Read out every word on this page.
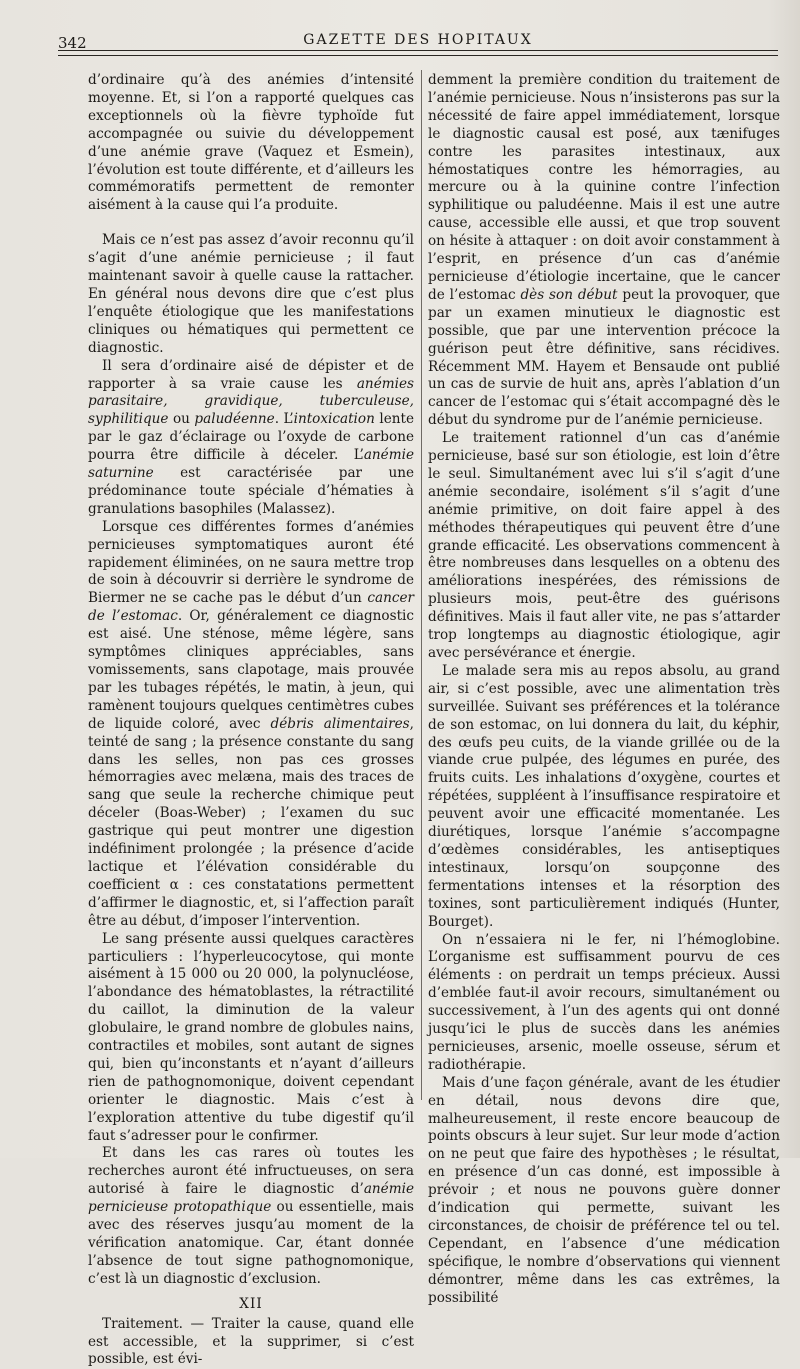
342	GAZETTE DES HOPITAUX

d’ordinaire qu’à des anémies d’intensité moyenne. Et, si l’on a rapporté quelques cas exceptionnels où la fièvre typhoïde fut accompagnée ou suivie du développement d’une anémie grave (Vaquez et Esmein), l’évolution est toute différente, et d’ailleurs les commémoratifs permettent de remonter aisément à la cause qui l’a produite.

Mais ce n’est pas assez d’avoir reconnu qu’il s’agit d’une anémie pernicieuse ; il faut maintenant savoir à quelle cause la rattacher. En général nous devons dire que c’est plus l’enquête étiologique que les manifestations cliniques ou hématiques qui permettent ce diagnostic.

Il sera d’ordinaire aisé de dépister et de rapporter à sa vraie cause les anémies parasitaire, gravidique, tuberculeuse, syphilitique ou paludéenne. L’intoxication lente par le gaz d’éclairage ou l’oxyde de carbone pourra être difficile à déceler. L’anémie saturnine est caractérisée par une prédominance toute spéciale d’hématies à granulations basophiles (Malassez).

Lorsque ces différentes formes d’anémies pernicieuses symptomatiques auront été rapidement éliminées, on ne saura mettre trop de soin à découvrir si derrière le syndrome de Biermer ne se cache pas le début d’un cancer de l’estomac. Or, généralement ce diagnostic est aisé. Une sténose, même légère, sans symptômes cliniques appréciables, sans vomissements, sans clapotage, mais prouvée par les tubages répétés, le matin, à jeun, qui ramènent toujours quelques centimètres cubes de liquide coloré, avec débris alimentaires, teinté de sang ; la présence constante du sang dans les selles, non pas ces grosses hémorragies avec melæna, mais des traces de sang que seule la recherche chimique peut déceler (Boas-Weber) ; l’examen du suc gastrique qui peut montrer une digestion indéfiniment prolongée ; la présence d’acide lactique et l’élévation considérable du coefficient α : ces constatations permettent d’affirmer le diagnostic, et, si l’affection paraît être au début, d’imposer l’intervention.

Le sang présente aussi quelques caractères particuliers : l’hyperleucocytose, qui monte aisément à 15 000 ou 20 000, la polynucléose, l’abondance des hématoblastes, la rétractilité du caillot, la diminution de la valeur globulaire, le grand nombre de globules nains, contractiles et mobiles, sont autant de signes qui, bien qu’inconstants et n’ayant d’ailleurs rien de pathognomonique, doivent cependant orienter le diagnostic. Mais c’est à l’exploration attentive du tube digestif qu’il faut s’adresser pour le confirmer.

Et dans les cas rares où toutes les recherches auront été infructueuses, on sera autorisé à faire le diagnostic d’anémie pernicieuse protopathique ou essentielle, mais avec des réserves jusqu’au moment de la vérification anatomique. Car, étant donnée l’absence de tout signe pathognomonique, c’est là un diagnostic d’exclusion.

XII

Traitement. — Traiter la cause, quand elle est accessible, et la supprimer, si c’est possible, est évi-

demment la première condition du traitement de l’anémie pernicieuse. Nous n’insisterons pas sur la nécessité de faire appel immédiatement, lorsque le diagnostic causal est posé, aux tænifuges contre les parasites intestinaux, aux hémostatiques contre les hémorragies, au mercure ou à la quinine contre l’infection syphilitique ou paludéenne. Mais il est une autre cause, accessible elle aussi, et que trop souvent on hésite à attaquer : on doit avoir constamment à l’esprit, en présence d’un cas d’anémie pernicieuse d’étiologie incertaine, que le cancer de l’estomac dès son début peut la provoquer, que par un examen minutieux le diagnostic est possible, que par une intervention précoce la guérison peut être définitive, sans récidives. Récemment MM. Hayem et Bensaude ont publié un cas de survie de huit ans, après l’ablation d’un cancer de l’estomac qui s’était accompagné dès le début du syndrome pur de l’anémie pernicieuse.

Le traitement rationnel d’un cas d’anémie pernicieuse, basé sur son étiologie, est loin d’être le seul. Simultanément avec lui s’il s’agit d’une anémie secondaire, isolément s’il s’agit d’une anémie primitive, on doit faire appel à des méthodes thérapeutiques qui peuvent être d’une grande efficacité. Les observations commencent à être nombreuses dans lesquelles on a obtenu des améliorations inespérées, des rémissions de plusieurs mois, peut-être des guérisons définitives. Mais il faut aller vite, ne pas s’attarder trop longtemps au diagnostic étiologique, agir avec persévérance et énergie.

Le malade sera mis au repos absolu, au grand air, si c’est possible, avec une alimentation très surveillée. Suivant ses préférences et la tolérance de son estomac, on lui donnera du lait, du képhir, des œufs peu cuits, de la viande grillée ou de la viande crue pulpée, des légumes en purée, des fruits cuits. Les inhalations d’oxygène, courtes et répétées, suppléent à l’insuffisance respiratoire et peuvent avoir une efficacité momentanée. Les diurétiques, lorsque l’anémie s’accompagne d’œdèmes considérables, les antiseptiques intestinaux, lorsqu’on soupçonne des fermentations intenses et la résorption des toxines, sont particulièrement indiqués (Hunter, Bourget).

On n’essaiera ni le fer, ni l’hémoglobine. L’organisme est suffisamment pourvu de ces éléments : on perdrait un temps précieux. Aussi d’emblée faut-il avoir recours, simultanément ou successivement, à l’un des agents qui ont donné jusqu’ici le plus de succès dans les anémies pernicieuses, arsenic, moelle osseuse, sérum et radiothérapie.

Mais d’une façon générale, avant de les étudier en détail, nous devons dire que, malheureusement, il reste encore beaucoup de points obscurs à leur sujet. Sur leur mode d’action on ne peut que faire des hypothèses ; le résultat, en présence d’un cas donné, est impossible à prévoir ; et nous ne pouvons guère donner d’indication qui permette, suivant les circonstances, de choisir de préférence tel ou tel. Cependant, en l’absence d’une médication spécifique, le nombre d’observations qui viennent démontrer, même dans les cas extrêmes, la possibilité
